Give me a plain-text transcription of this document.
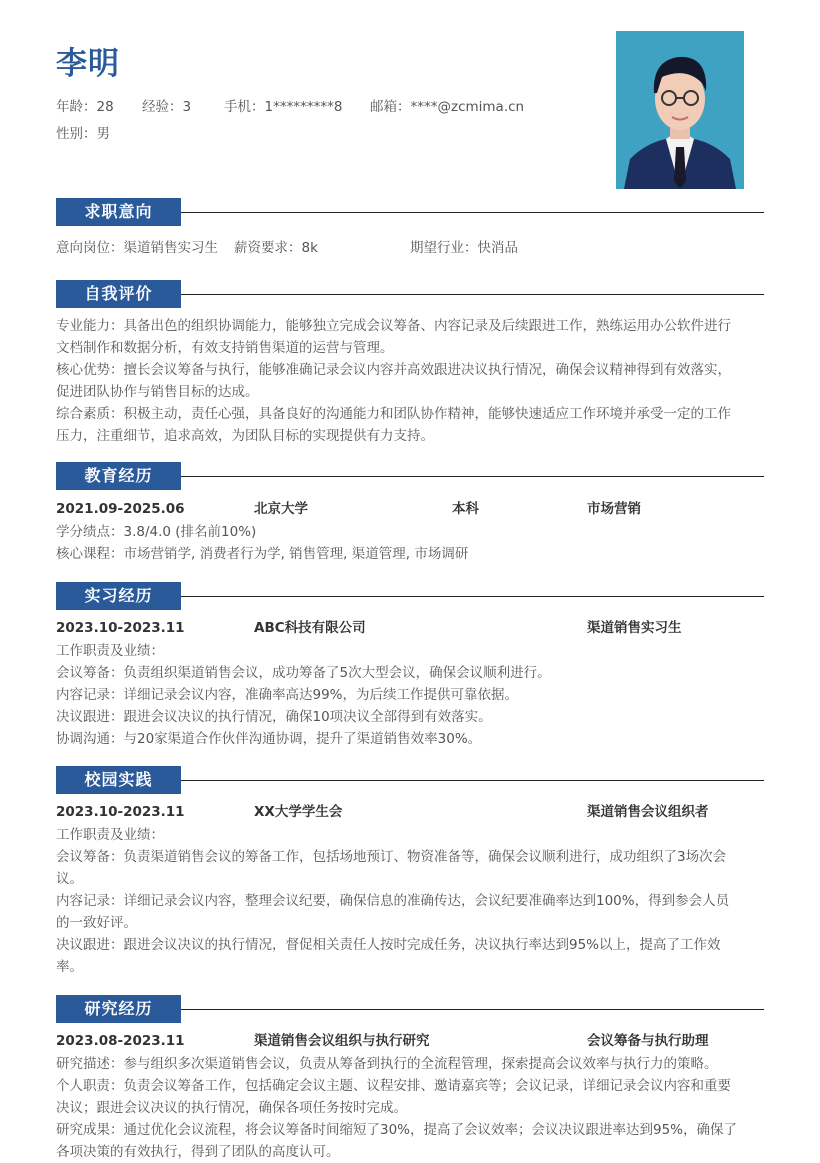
李明
年龄：28	经验：3	手机：1*********8	邮箱：****@zcmima.cn
性别：男
求职意向
意向岗位：渠道销售实习生 薪资要求：8k	期望行业：快消品
自我评价
专业能力：具备出色的组织协调能力，能够独立完成会议筹备、内容记录及后续跟进工作，熟练运用办公软件进行
文档制作和数据分析，有效支持销售渠道的运营与管理。
核心优势：擅长会议筹备与执行，能够准确记录会议内容并高效跟进决议执行情况，确保会议精神得到有效落实，
促进团队协作与销售目标的达成。
综合素质：积极主动，责任心强，具备良好的沟通能力和团队协作精神，能够快速适应工作环境并承受一定的工作
压力，注重细节，追求高效，为团队目标的实现提供有力支持。
教育经历
2021.09-2025.06	北京大学	本科	市场营销
学分绩点：3.8/4.0 (排名前10%)
核心课程：市场营销学, 消费者行为学, 销售管理, 渠道管理, 市场调研
实习经历
2023.10-2023.11	ABC科技有限公司	渠道销售实习生
工作职责及业绩：
会议筹备：负责组织渠道销售会议，成功筹备了5次大型会议，确保会议顺利进行。
内容记录：详细记录会议内容，准确率高达99%，为后续工作提供可靠依据。
决议跟进：跟进会议决议的执行情况，确保10项决议全部得到有效落实。
协调沟通：与20家渠道合作伙伴沟通协调，提升了渠道销售效率30%。
校园实践
2023.10-2023.11	XX大学学生会	渠道销售会议组织者
工作职责及业绩：
会议筹备：负责渠道销售会议的筹备工作，包括场地预订、物资准备等，确保会议顺利进行，成功组织了3场次会
议。
内容记录：详细记录会议内容，整理会议纪要，确保信息的准确传达，会议纪要准确率达到100%，得到参会人员
的一致好评。
决议跟进：跟进会议决议的执行情况，督促相关责任人按时完成任务，决议执行率达到95%以上，提高了工作效
率。
研究经历
2023.08-2023.11	渠道销售会议组织与执行研究	会议筹备与执行助理
研究描述：参与组织多次渠道销售会议，负责从筹备到执行的全流程管理，探索提高会议效率与执行力的策略。
个人职责：负责会议筹备工作，包括确定会议主题、议程安排、邀请嘉宾等；会议记录，详细记录会议内容和重要
决议；跟进会议决议的执行情况，确保各项任务按时完成。
研究成果：通过优化会议流程，将会议筹备时间缩短了30%，提高了会议效率；会议决议跟进率达到95%，确保了
各项决策的有效执行，得到了团队的高度认可。
